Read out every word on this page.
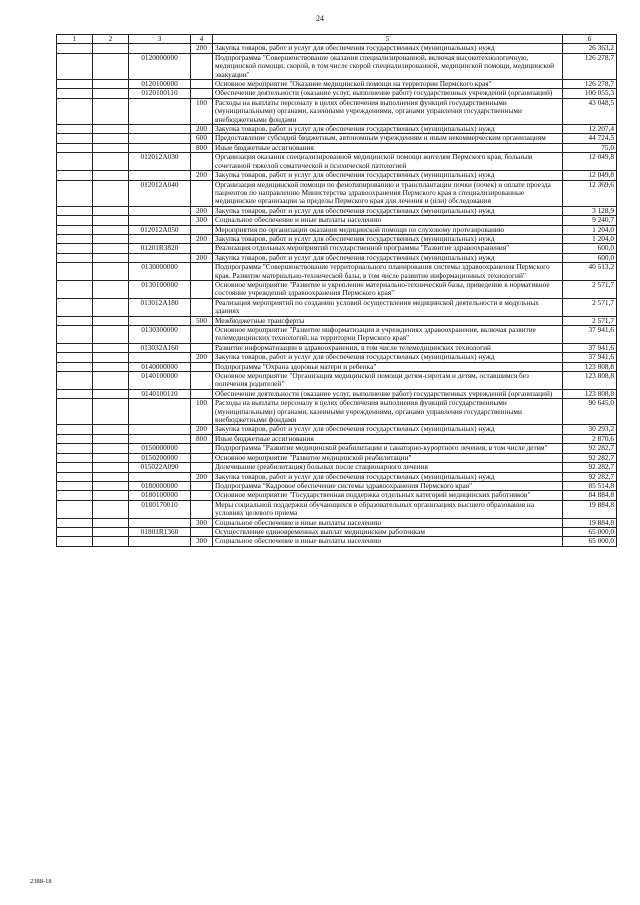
24
1	2	3	4	5	6
			200	Закупка товаров, работ и услуг для обеспечения государственных (муниципальных) нужд	26 363,2
		0120000000		Подпрограмма "Совершенствование оказания специализированной, включая высокотехнологичную, медицинской помощи, скорой, в том числе скорой специализированной, медицинской помощи, медицинской эвакуации"	126 278,7
		0120100000		Основное мероприятие "Оказание медицинской помощи на территории Пермского края"	126 278,7
		0120100110		Обеспечение деятельности (оказание услуг, выполнение работ) государственных учреждений (организаций)	100 055,3
			100	Расходы на выплаты персоналу в целях обеспечения выполнения функций государственными (муниципальными) органами, казенными учреждениями, органами управления государственными внебюджетными фондами	43 048,5
			200	Закупка товаров, работ и услуг для обеспечения государственных (муниципальных) нужд	12 207,4
			600	Предоставление субсидий бюджетным, автономным учреждениям и иным некоммерческим организациям	44 724,5
			800	Иные бюджетные ассигнования	75,0
		012012А030		Организация оказания специализированной медицинской помощи жителям Пермского края, больным сочетанной тяжелой соматической и психической патологией	12 049,8
			200	Закупка товаров, работ и услуг для обеспечения государственных (муниципальных) нужд	12 049,8
		012012А040		Организация медицинской помощи по фенотипированию и трансплантации почки (почек) и оплате проезда пациентов по направлению Министерства здравоохранения Пермского края в специализированные медицинские организации за пределы Пермского края для лечения и (или) обследования	12 369,6
			200	Закупка товаров, работ и услуг для обеспечения государственных (муниципальных) нужд	3 128,9
			300	Социальное обеспечение и иные выплаты населению	9 240,7
		012012А050		Мероприятия по организации оказания медицинской помощи по слуховому протезированию	1 204,0
			200	Закупка товаров, работ и услуг для обеспечения государственных (муниципальных) нужд	1 204,0
		01201R3820		Реализация отдельных мероприятий государственной программы "Развитие здравоохранения"	600,0
			200	Закупка товаров, работ и услуг для обеспечения государственных (муниципальных) нужд	600,0
		0130000000		Подпрограмма "Совершенствование территориального планирования системы здравоохранения Пермского края. Развитие материально-технической базы, в том числе развитие информационных технологий"	40 513,2
		0130100000		Основное мероприятие "Развитие и укрепление материально-технической базы, приведение в нормативное состояние учреждений здравоохранения Пермского края"	2 571,7
		013012А180		Реализация мероприятий по созданию условий осуществления медицинской деятельности в модульных зданиях	2 571,7
			500	Межбюджетные трансферты	2 571,7
		0130300000		Основное мероприятие "Развитие информатизации в учреждениях здравоохранения, включая развитие телемедицинских технологий, на территории Пермского края"	37 941,6
		013032А160		Развитие информатизации в здравоохранении, в том числе телемедицинских технологий	37 941,6
			200	Закупка товаров, работ и услуг для обеспечения государственных (муниципальных) нужд	37 941,6
		0140000000		Подпрограмма "Охрана здоровья матери и ребенка"	123 808,8
		0140100000		Основное мероприятие "Организация медицинской помощи детям-сиротам и детям, оставшимся без попечения родителей"	123 808,8
		0140100110		Обеспечение деятельности (оказание услуг, выполнение работ) государственных учреждений (организаций)	123 808,8
			100	Расходы на выплаты персоналу в целях обеспечения выполнения функций государственными (муниципальными) органами, казенными учреждениями, органами управления государственными внебюджетными фондами	90 645,0
			200	Закупка товаров, работ и услуг для обеспечения государственных (муниципальных) нужд	30 293,2
			800	Иные бюджетные ассигнования	2 870,6
		0150000000		Подпрограмма "Развитие медицинской реабилитации и санаторно-курортного лечения, в том числе детям"	92 282,7
		0150200000		Основное мероприятие "Развитие медицинской реабилитации"	92 282,7
		015022А090		Долечивание (реабилитация) больных после стационарного лечения	92 282,7
			200	Закупка товаров, работ и услуг для обеспечения государственных (муниципальных) нужд	92 282,7
		0180000000		Подпрограмма "Кадровое обеспечение системы здравоохранения Пермского края"	85 514,8
		0180100000		Основное мероприятие "Государственная поддержка отдельных категорий медицинских работников"	84 884,8
		0180170010		Меры социальной поддержки обучающихся в образовательных организациях высшего образования на условиях целевого приема	19 884,8
			300	Социальное обеспечение и иные выплаты населению	19 884,8
		01801R1360		Осуществление единовременных выплат медицинским работникам	65 000,0
			300	Социальное обеспечение и иные выплаты населению	65 000,0
2388-18
